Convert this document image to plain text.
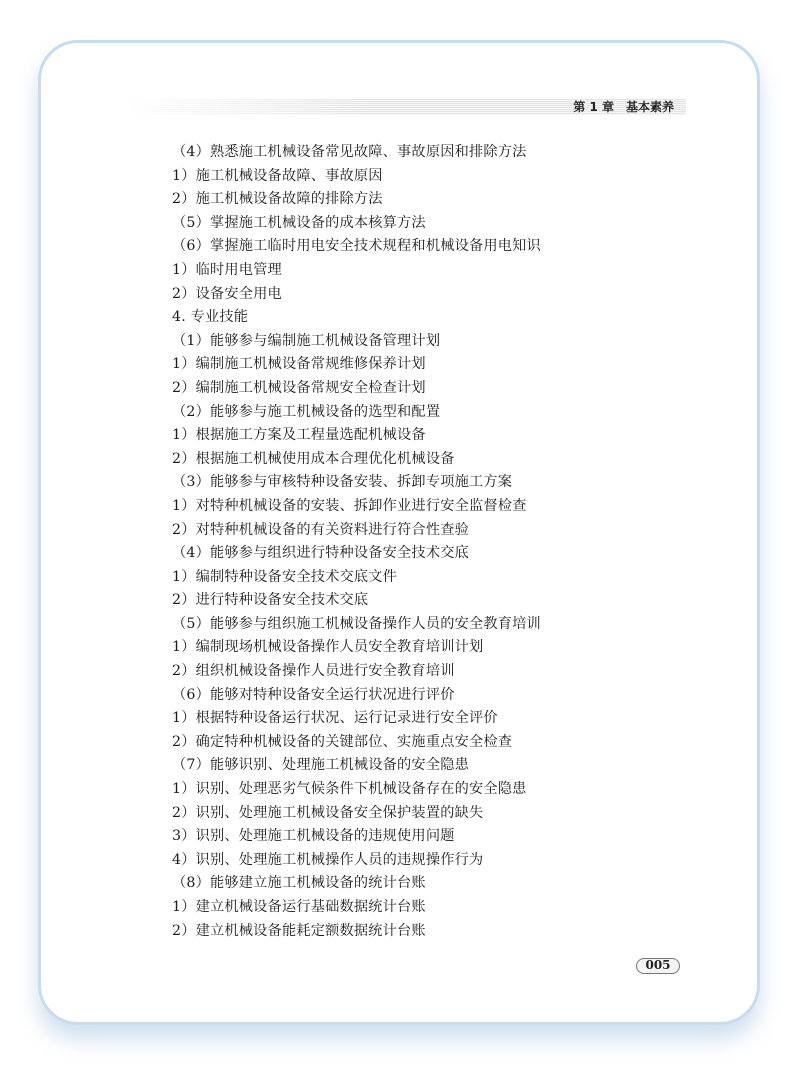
第 1 章　基本素养
（4）熟悉施工机械设备常见故障、事故原因和排除方法
1）施工机械设备故障、事故原因
2）施工机械设备故障的排除方法
（5）掌握施工机械设备的成本核算方法
（6）掌握施工临时用电安全技术规程和机械设备用电知识
1）临时用电管理
2）设备安全用电
4. 专业技能
（1）能够参与编制施工机械设备管理计划
1）编制施工机械设备常规维修保养计划
2）编制施工机械设备常规安全检查计划
（2）能够参与施工机械设备的选型和配置
1）根据施工方案及工程量选配机械设备
2）根据施工机械使用成本合理优化机械设备
（3）能够参与审核特种设备安装、拆卸专项施工方案
1）对特种机械设备的安装、拆卸作业进行安全监督检查
2）对特种机械设备的有关资料进行符合性查验
（4）能够参与组织进行特种设备安全技术交底
1）编制特种设备安全技术交底文件
2）进行特种设备安全技术交底
（5）能够参与组织施工机械设备操作人员的安全教育培训
1）编制现场机械设备操作人员安全教育培训计划
2）组织机械设备操作人员进行安全教育培训
（6）能够对特种设备安全运行状况进行评价
1）根据特种设备运行状况、运行记录进行安全评价
2）确定特种机械设备的关键部位、实施重点安全检查
（7）能够识别、处理施工机械设备的安全隐患
1）识别、处理恶劣气候条件下机械设备存在的安全隐患
2）识别、处理施工机械设备安全保护装置的缺失
3）识别、处理施工机械设备的违规使用问题
4）识别、处理施工机械操作人员的违规操作行为
（8）能够建立施工机械设备的统计台账
1）建立机械设备运行基础数据统计台账
2）建立机械设备能耗定额数据统计台账
005
